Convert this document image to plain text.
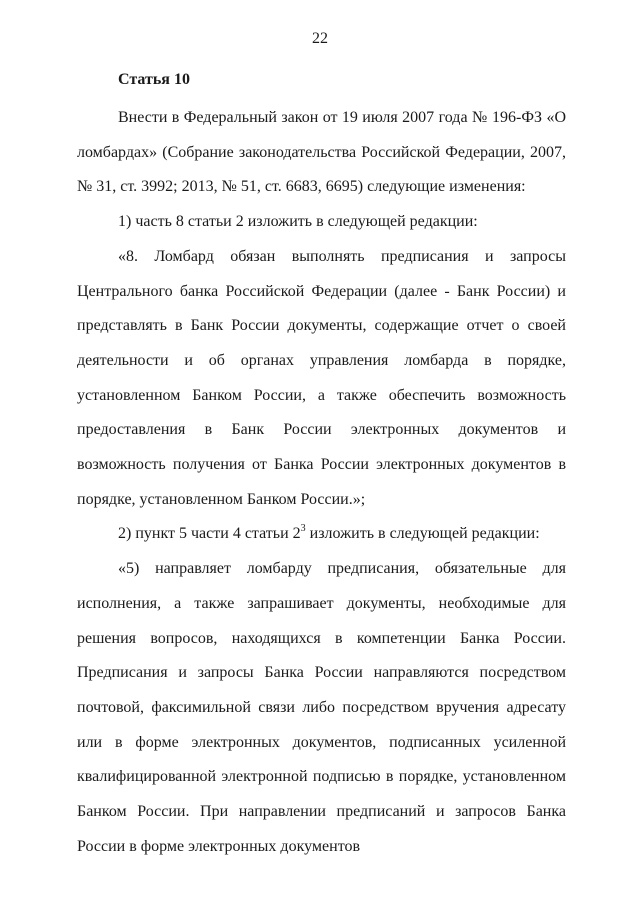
22
Статья 10

Внести в Федеральный закон от 19 июля 2007 года № 196-ФЗ «О ломбардах» (Собрание законодательства Российской Федерации, 2007, № 31, ст. 3992; 2013, № 51, ст. 6683, 6695) следующие изменения:

1) часть 8 статьи 2 изложить в следующей редакции:

«8. Ломбард обязан выполнять предписания и запросы Центрального банка Российской Федерации (далее - Банк России) и представлять в Банк России документы, содержащие отчет о своей деятельности и об органах управления ломбарда в порядке, установленном Банком России, а также обеспечить возможность предоставления в Банк России электронных документов и возможность получения от Банка России электронных документов в порядке, установленном Банком России.»;

2) пункт 5 части 4 статьи $2^3$ изложить в следующей редакции:

«5) направляет ломбарду предписания, обязательные для исполнения, а также запрашивает документы, необходимые для решения вопросов, находящихся в компетенции Банка России. Предписания и запросы Банка России направляются посредством почтовой, факсимильной связи либо посредством вручения адресату или в форме электронных документов, подписанных усиленной квалифицированной электронной подписью в порядке, установленном Банком России. При направлении предписаний и запросов Банка России в форме электронных документов
